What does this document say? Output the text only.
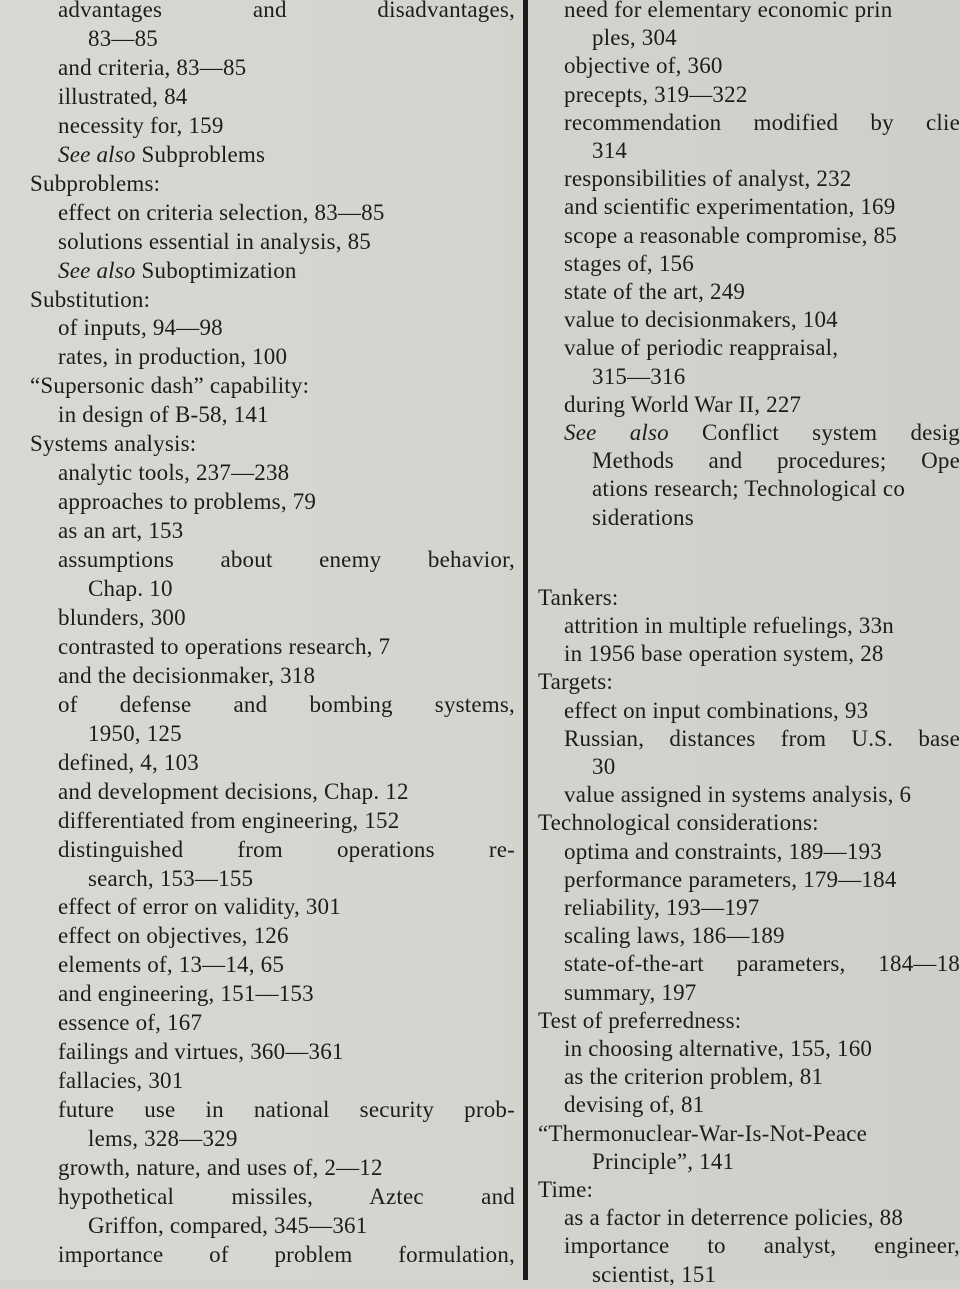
advantages and disadvantages,
83—85
and criteria, 83—85
illustrated, 84
necessity for, 159
See also Subproblems
Subproblems:
effect on criteria selection, 83—85
solutions essential in analysis, 85
See also Suboptimization
Substitution:
of inputs, 94—98
rates, in production, 100
“Supersonic dash” capability:
in design of B-58, 141
Systems analysis:
analytic tools, 237—238
approaches to problems, 79
as an art, 153
assumptions about enemy behavior,
Chap. 10
blunders, 300
contrasted to operations research, 7
and the decisionmaker, 318
of defense and bombing systems,
1950, 125
defined, 4, 103
and development decisions, Chap. 12
differentiated from engineering, 152
distinguished from operations re-
search, 153—155
effect of error on validity, 301
effect on objectives, 126
elements of, 13—14, 65
and engineering, 151—153
essence of, 167
failings and virtues, 360—361
fallacies, 301
future use in national security prob-
lems, 328—329
growth, nature, and uses of, 2—12
hypothetical missiles, Aztec and
Griffon, compared, 345—361
importance of problem formulation,
need for elementary economic prin
ples, 304
objective of, 360
precepts, 319—322
recommendation modified by clie
314
responsibilities of analyst, 232
and scientific experimentation, 169
scope a reasonable compromise, 85
stages of, 156
state of the art, 249
value to decisionmakers, 104
value of periodic reappraisal,
315—316
during World War II, 227
See also Conflict system desig
Methods and procedures; Ope
ations research; Technological co
siderations
Tankers:
attrition in multiple refuelings, 33n
in 1956 base operation system, 28
Targets:
effect on input combinations, 93
Russian, distances from U.S. base
30
value assigned in systems analysis, 6
Technological considerations:
optima and constraints, 189—193
performance parameters, 179—184
reliability, 193—197
scaling laws, 186—189
state-of-the-art parameters, 184—18
summary, 197
Test of preferredness:
in choosing alternative, 155, 160
as the criterion problem, 81
devising of, 81
“Thermonuclear-War-Is-Not-Peace
Principle”, 141
Time:
as a factor in deterrence policies, 88
importance to analyst, engineer,
scientist, 151
